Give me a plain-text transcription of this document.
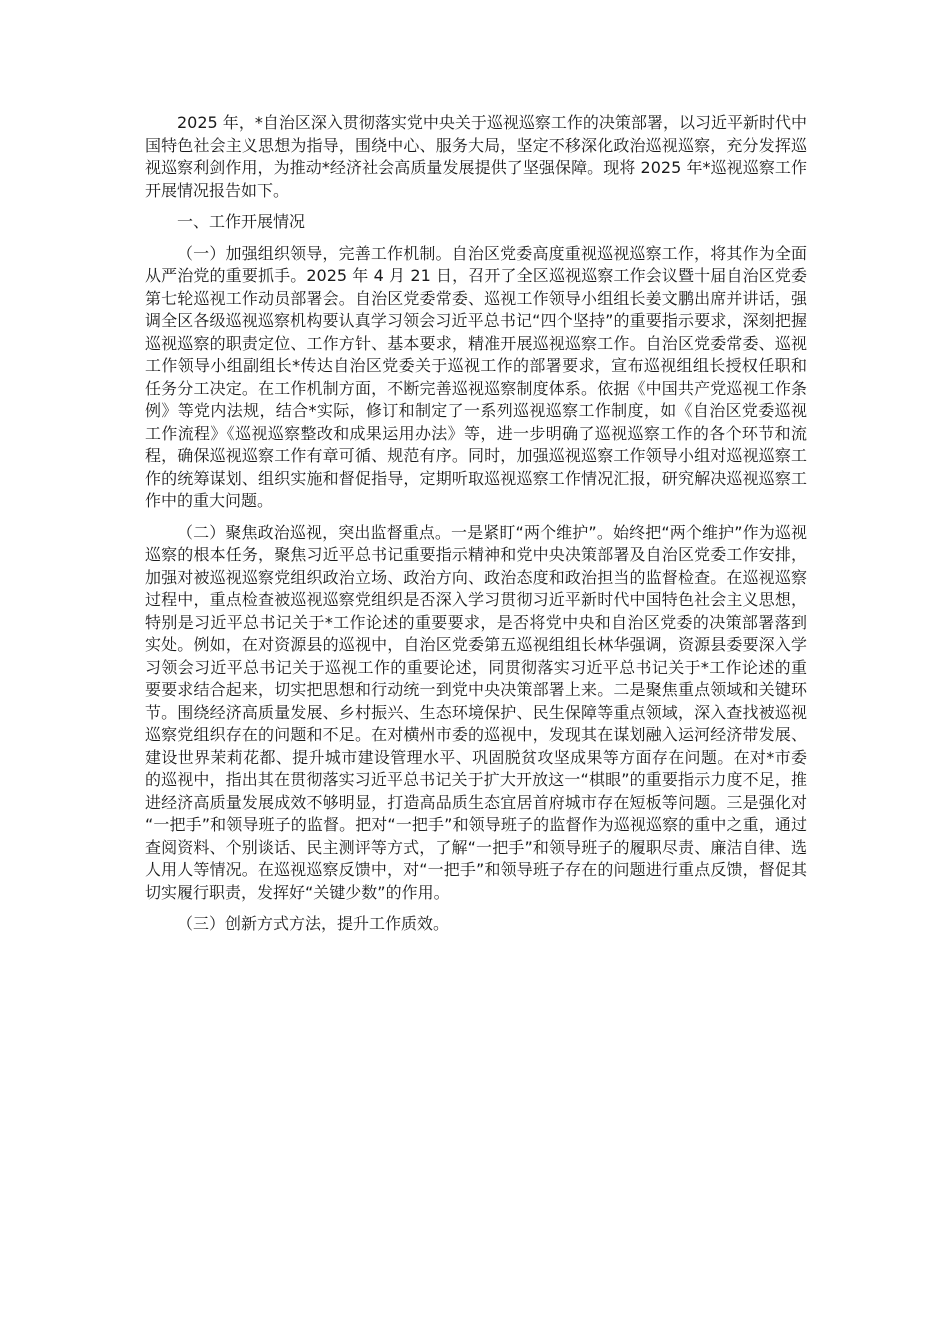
2025 年，*自治区深入贯彻落实党中央关于巡视巡察工作的决策部署，以习近平新时代中国特色社会主义思想为指导，围绕中心、服务大局，坚定不移深化政治巡视巡察，充分发挥巡视巡察利剑作用，为推动*经济社会高质量发展提供了坚强保障。现将 2025 年*巡视巡察工作开展情况报告如下。

一、工作开展情况

（一）加强组织领导，完善工作机制。自治区党委高度重视巡视巡察工作，将其作为全面从严治党的重要抓手。2025 年 4 月 21 日，召开了全区巡视巡察工作会议暨十届自治区党委第七轮巡视工作动员部署会。自治区党委常委、巡视工作领导小组组长姜文鹏出席并讲话，强调全区各级巡视巡察机构要认真学习领会习近平总书记“四个坚持”的重要指示要求，深刻把握巡视巡察的职责定位、工作方针、基本要求，精准开展巡视巡察工作。自治区党委常委、巡视工作领导小组副组长*传达自治区党委关于巡视工作的部署要求，宣布巡视组组长授权任职和任务分工决定。在工作机制方面，不断完善巡视巡察制度体系。依据《中国共产党巡视工作条例》等党内法规，结合*实际，修订和制定了一系列巡视巡察工作制度，如《自治区党委巡视工作流程》《巡视巡察整改和成果运用办法》等，进一步明确了巡视巡察工作的各个环节和流程，确保巡视巡察工作有章可循、规范有序。同时，加强巡视巡察工作领导小组对巡视巡察工作的统筹谋划、组织实施和督促指导，定期听取巡视巡察工作情况汇报，研究解决巡视巡察工作中的重大问题。

（二）聚焦政治巡视，突出监督重点。一是紧盯“两个维护”。始终把“两个维护”作为巡视巡察的根本任务，聚焦习近平总书记重要指示精神和党中央决策部署及自治区党委工作安排，加强对被巡视巡察党组织政治立场、政治方向、政治态度和政治担当的监督检查。在巡视巡察过程中，重点检查被巡视巡察党组织是否深入学习贯彻习近平新时代中国特色社会主义思想，特别是习近平总书记关于*工作论述的重要要求，是否将党中央和自治区党委的决策部署落到实处。例如，在对资源县的巡视中，自治区党委第五巡视组组长林华强调，资源县委要深入学习领会习近平总书记关于巡视工作的重要论述，同贯彻落实习近平总书记关于*工作论述的重要要求结合起来，切实把思想和行动统一到党中央决策部署上来。二是聚焦重点领域和关键环节。围绕经济高质量发展、乡村振兴、生态环境保护、民生保障等重点领域，深入查找被巡视巡察党组织存在的问题和不足。在对横州市委的巡视中，发现其在谋划融入运河经济带发展、建设世界茉莉花都、提升城市建设管理水平、巩固脱贫攻坚成果等方面存在问题。在对*市委的巡视中，指出其在贯彻落实习近平总书记关于扩大开放这一“棋眼”的重要指示力度不足，推进经济高质量发展成效不够明显，打造高品质生态宜居首府城市存在短板等问题。三是强化对“一把手”和领导班子的监督。把对“一把手”和领导班子的监督作为巡视巡察的重中之重，通过查阅资料、个别谈话、民主测评等方式，了解“一把手”和领导班子的履职尽责、廉洁自律、选人用人等情况。在巡视巡察反馈中，对“一把手”和领导班子存在的问题进行重点反馈，督促其切实履行职责，发挥好“关键少数”的作用。

（三）创新方式方法，提升工作质效。
